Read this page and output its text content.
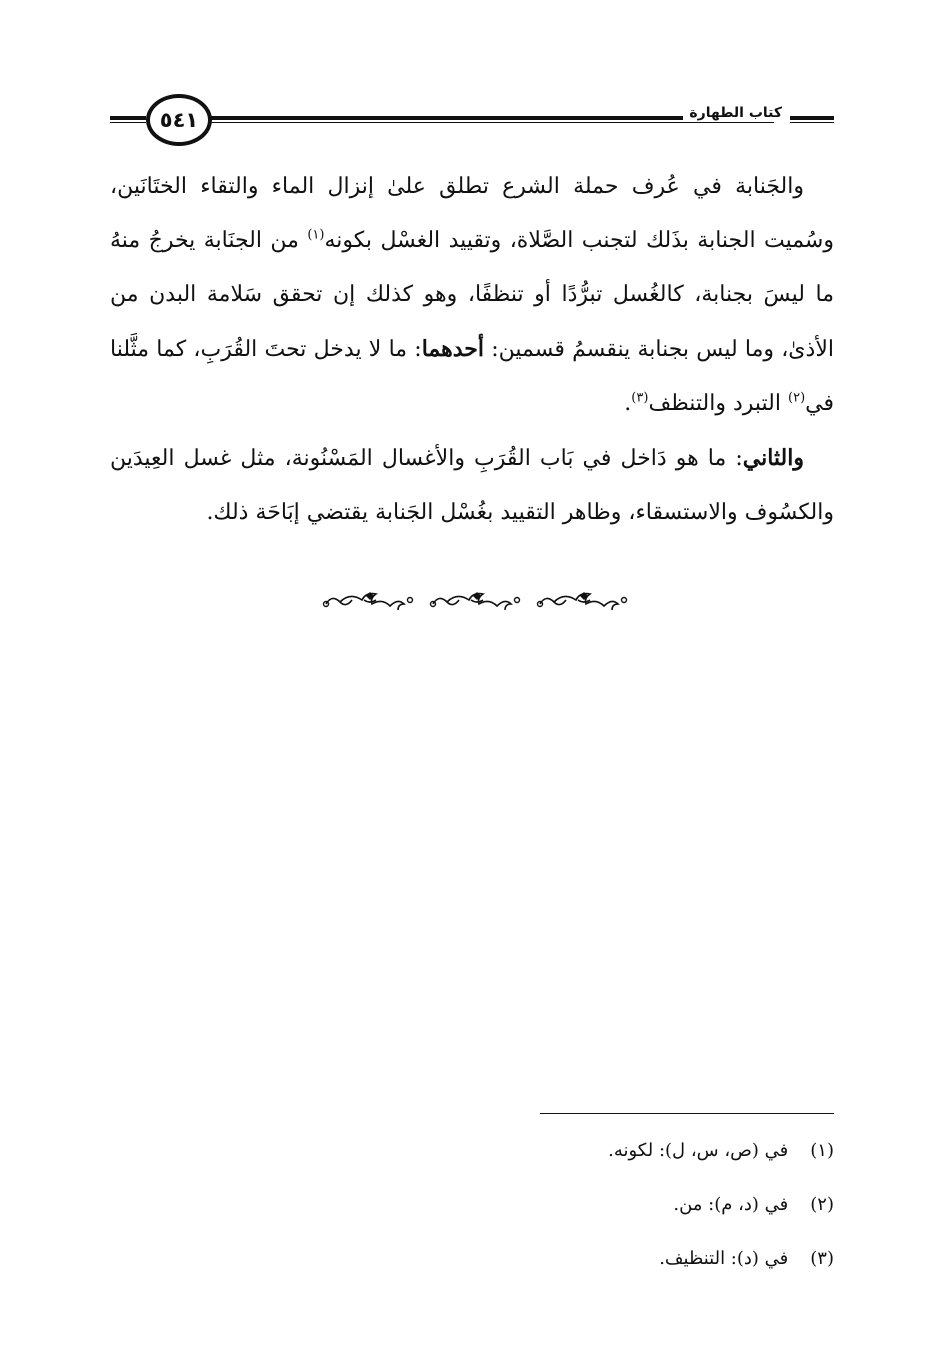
٥٤١	كتاب الطهارة

والجَنابة في عُرف حملة الشرع تطلق علىٰ إنزال الماء والتقاء الختَانَين، وسُميت الجنابة بذَلك لتجنب الصَّلاة، وتقييد الغسْل بكونه$^{(١)}$ من الجنَابة يخرجُ منهُ ما ليسَ بجنابة، كالغُسل تبرُّدًا أو تنظفًا، وهو كذلك إن تحقق سَلامة البدن من الأذىٰ، وما ليس بجنابة ينقسمُ قسمين: أحدهما: ما لا يدخل تحتَ القُرَبِ، كما مثَّلنا في$^{(٢)}$ التبرد والتنظف$^{(٣)}$.

والثاني: ما هو دَاخل في بَاب القُرَبِ والأغسال المَسْنُونة، مثل غسل العِيدَين والكسُوف والاستسقاء، وظاهر التقييد بغُسْل الجَنابة يقتضي إبَاحَة ذلك.

(١) في (ص، س، ل): لكونه.
(٢) في (د، م): من.
(٣) في (د): التنظيف.
